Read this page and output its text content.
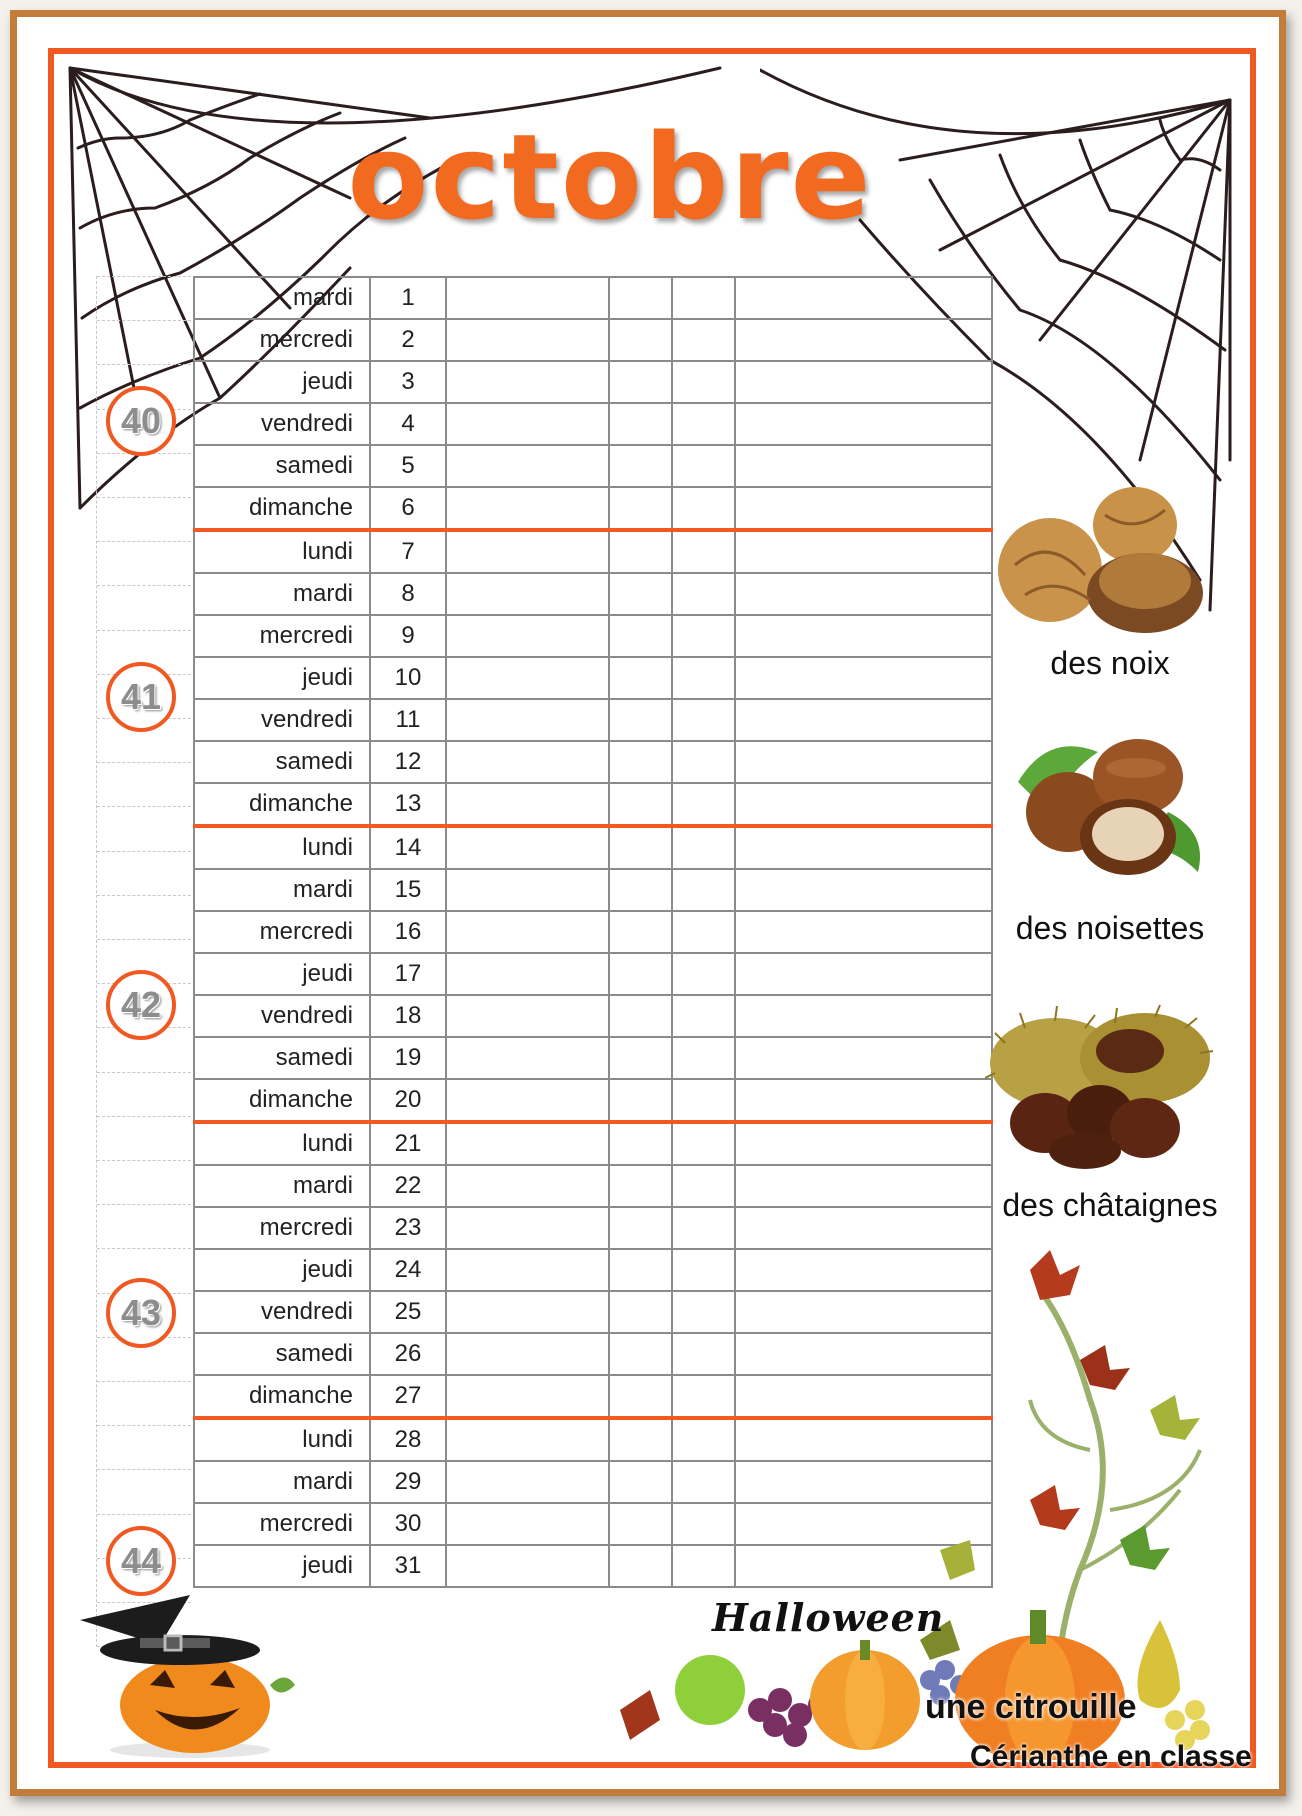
octobre
mardi	1				
mercredi	2				
jeudi	3				
vendredi	4				
samedi	5				
dimanche	6				
lundi	7				
mardi	8				
mercredi	9				
jeudi	10				
vendredi	11				
samedi	12				
dimanche	13				
lundi	14				
mardi	15				
mercredi	16				
jeudi	17				
vendredi	18				
samedi	19				
dimanche	20				
lundi	21				
mardi	22				
mercredi	23				
jeudi	24				
vendredi	25				
samedi	26				
dimanche	27				
lundi	28				
mardi	29				
mercredi	30				
jeudi	31				
40
41
42
43
44
des noix
des noisettes
des châtaignes
Halloween
une citrouille
Cérianthe en classe
